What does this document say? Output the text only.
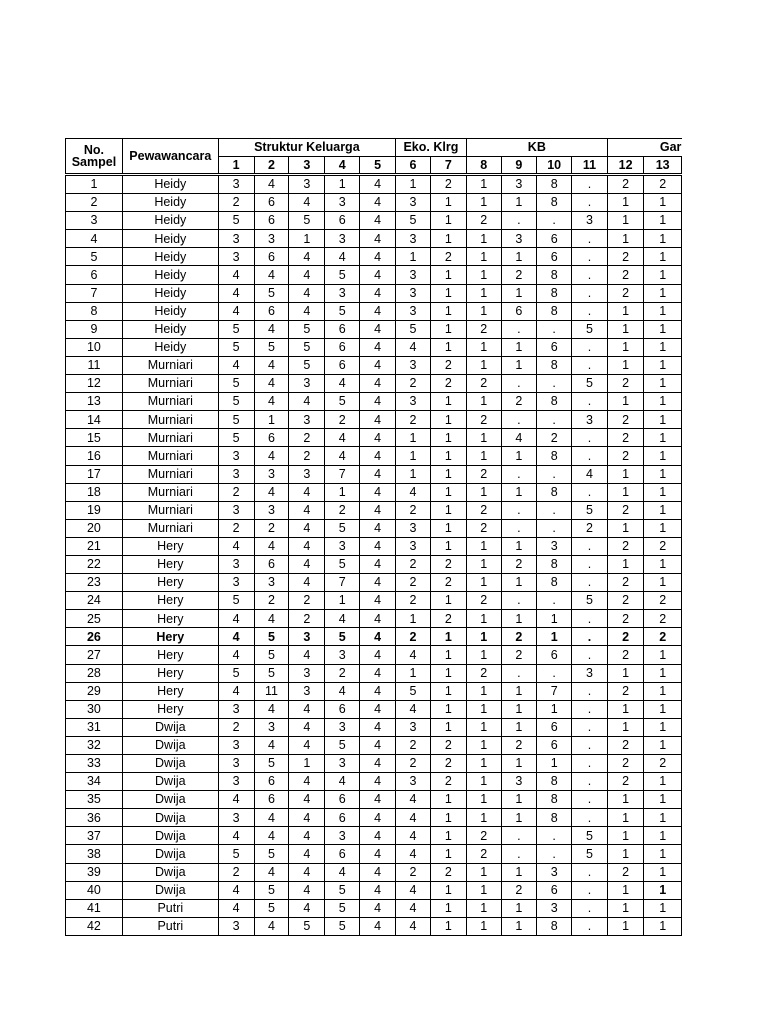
No.
Sampel	Pewawancara	Struktur Keluarga					Eko. Klrg		KB				Gar	
		1	2	3	4	5	6	7	8	9	10	11	12	13
1	Heidy	3	4	3	1	4	1	2	1	3	8	.	2	2
2	Heidy	2	6	4	3	4	3	1	1	1	8	.	1	1
3	Heidy	5	6	5	6	4	5	1	2	.	.	3	1	1
4	Heidy	3	3	1	3	4	3	1	1	3	6	.	1	1
5	Heidy	3	6	4	4	4	1	2	1	1	6	.	2	1
6	Heidy	4	4	4	5	4	3	1	1	2	8	.	2	1
7	Heidy	4	5	4	3	4	3	1	1	1	8	.	2	1
8	Heidy	4	6	4	5	4	3	1	1	6	8	.	1	1
9	Heidy	5	4	5	6	4	5	1	2	.	.	5	1	1
10	Heidy	5	5	5	6	4	4	1	1	1	6	.	1	1
11	Murniari	4	4	5	6	4	3	2	1	1	8	.	1	1
12	Murniari	5	4	3	4	4	2	2	2	.	.	5	2	1
13	Murniari	5	4	4	5	4	3	1	1	2	8	.	1	1
14	Murniari	5	1	3	2	4	2	1	2	.	.	3	2	1
15	Murniari	5	6	2	4	4	1	1	1	4	2	.	2	1
16	Murniari	3	4	2	4	4	1	1	1	1	8	.	2	1
17	Murniari	3	3	3	7	4	1	1	2	.	.	4	1	1
18	Murniari	2	4	4	1	4	4	1	1	1	8	.	1	1
19	Murniari	3	3	4	2	4	2	1	2	.	.	5	2	1
20	Murniari	2	2	4	5	4	3	1	2	.	.	2	1	1
21	Hery	4	4	4	3	4	3	1	1	1	3	.	2	2
22	Hery	3	6	4	5	4	2	2	1	2	8	.	1	1
23	Hery	3	3	4	7	4	2	2	1	1	8	.	2	1
24	Hery	5	2	2	1	4	2	1	2	.	.	5	2	2
25	Hery	4	4	2	4	4	1	2	1	1	1	.	2	2
26	Hery	4	5	3	5	4	2	1	1	2	1	.	2	2
27	Hery	4	5	4	3	4	4	1	1	2	6	.	2	1
28	Hery	5	5	3	2	4	1	1	2	.	.	3	1	1
29	Hery	4	11	3	4	4	5	1	1	1	7	.	2	1
30	Hery	3	4	4	6	4	4	1	1	1	1	.	1	1
31	Dwija	2	3	4	3	4	3	1	1	1	6	.	1	1
32	Dwija	3	4	4	5	4	2	2	1	2	6	.	2	1
33	Dwija	3	5	1	3	4	2	2	1	1	1	.	2	2
34	Dwija	3	6	4	4	4	3	2	1	3	8	.	2	1
35	Dwija	4	6	4	6	4	4	1	1	1	8	.	1	1
36	Dwija	3	4	4	6	4	4	1	1	1	8	.	1	1
37	Dwija	4	4	4	3	4	4	1	2	.	.	5	1	1
38	Dwija	5	5	4	6	4	4	1	2	.	.	5	1	1
39	Dwija	2	4	4	4	4	2	2	1	1	3	.	2	1
40	Dwija	4	5	4	5	4	4	1	1	2	6	.	1	1
41	Putri	4	5	4	5	4	4	1	1	1	3	.	1	1
42	Putri	3	4	5	5	4	4	1	1	1	8	.	1	1
